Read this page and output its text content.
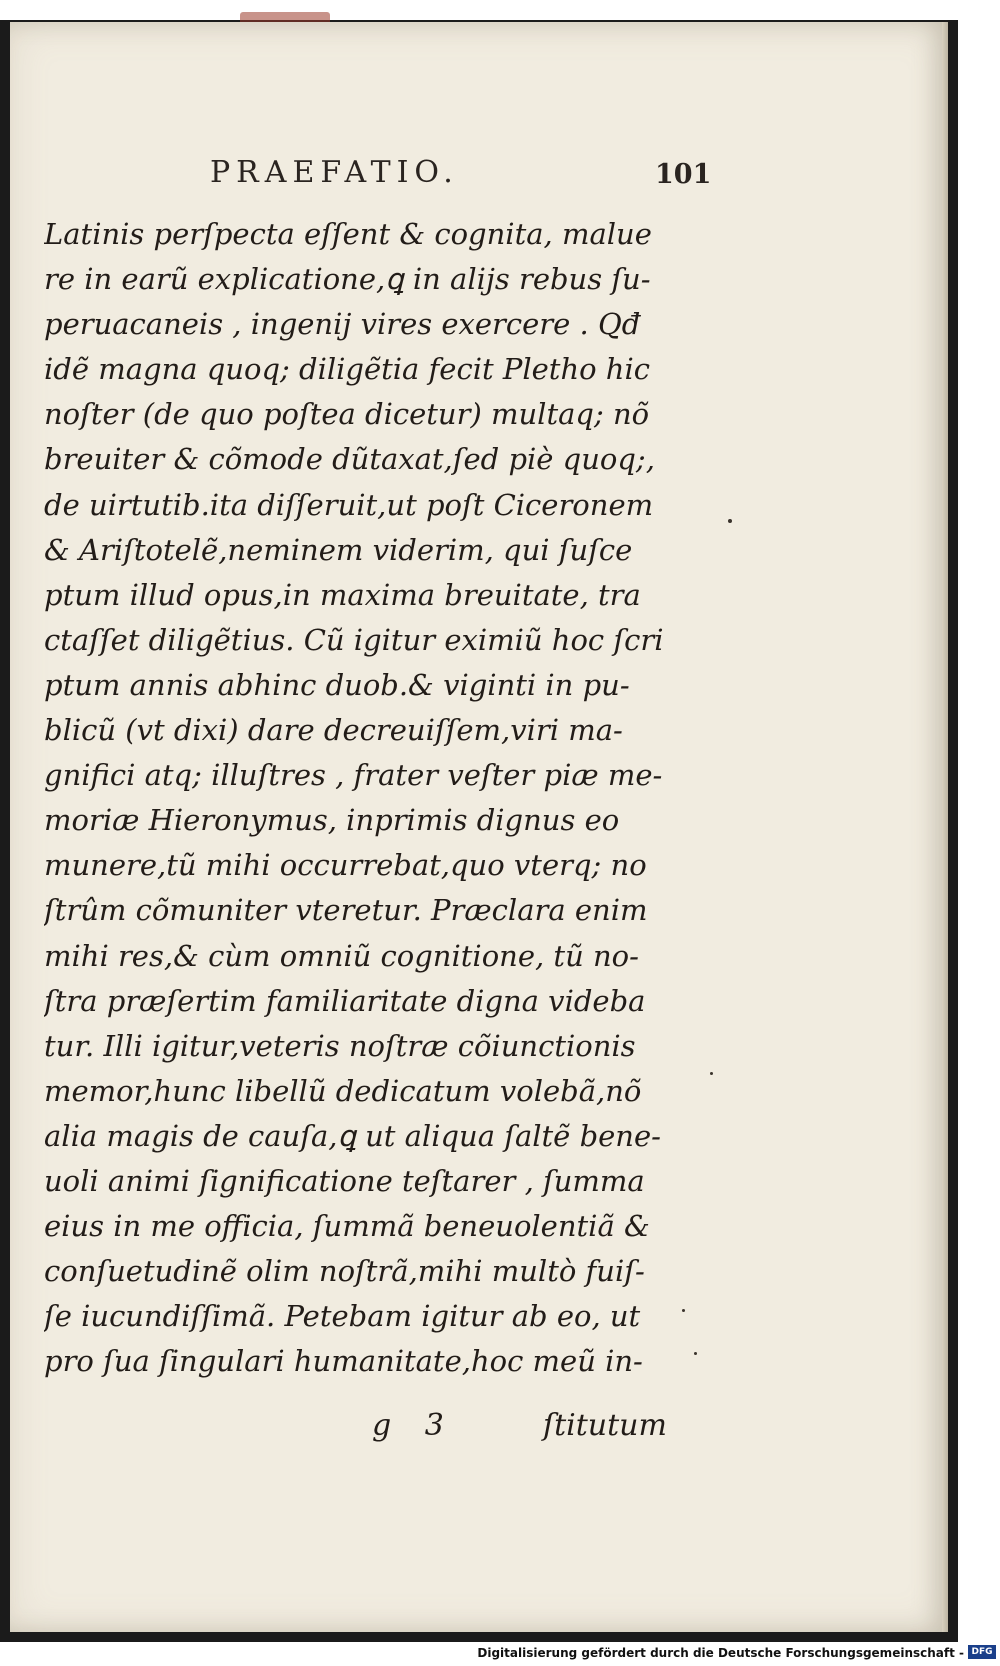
PRAEFATIO.	101
Latinis perſpecta eſſent & cognita, malue
re in earũ explicatione,ꝗ in alijs rebus ſu-
peruacaneis , ingenij vires exercere . Qđ
idẽ magna quoq; diligẽtia fecit Pletho hic
noſter (de quo poſtea dicetur) multaq; nõ
breuiter & cõmode dũtaxat,ſed piè quoq;,
de uirtutib.ita diſſeruit,ut poſt Ciceronem
& Ariſtotelẽ,neminem viderim, qui ſuſce
ptum illud opus,in maxima breuitate, tra
ctaſſet diligẽtius. Cũ igitur eximiũ hoc ſcri
ptum annis abhinc duob.& viginti in pu-
blicũ (vt dixi) dare decreuiſſem,viri ma-
gnifici atq; illuſtres , frater veſter piæ me-
moriæ Hieronymus, inprimis dignus eo
munere,tũ mihi occurrebat,quo vterq; no
ſtrûm cõmuniter vteretur. Præclara enim
mihi res,& cùm omniũ cognitione, tũ no-
ſtra præſertim familiaritate digna videba
tur. Illi igitur,veteris noſtræ cõiunctionis
memor,hunc libellũ dedicatum volebã,nõ
alia magis de cauſa,ꝗ ut aliqua ſaltẽ bene-
uoli animi ſignificatione teſtarer , ſumma
eius in me officia, ſummã beneuolentiã &
conſuetudinẽ olim noſtrã,mihi multò fuiſ-
ſe iucundiſſimã. Petebam igitur ab eo, ut
pro ſua ſingulari humanitate,hoc meũ in-
g 3	ſtitutum
Digitalisierung gefördert durch die Deutsche Forschungsgemeinschaft - DFG
